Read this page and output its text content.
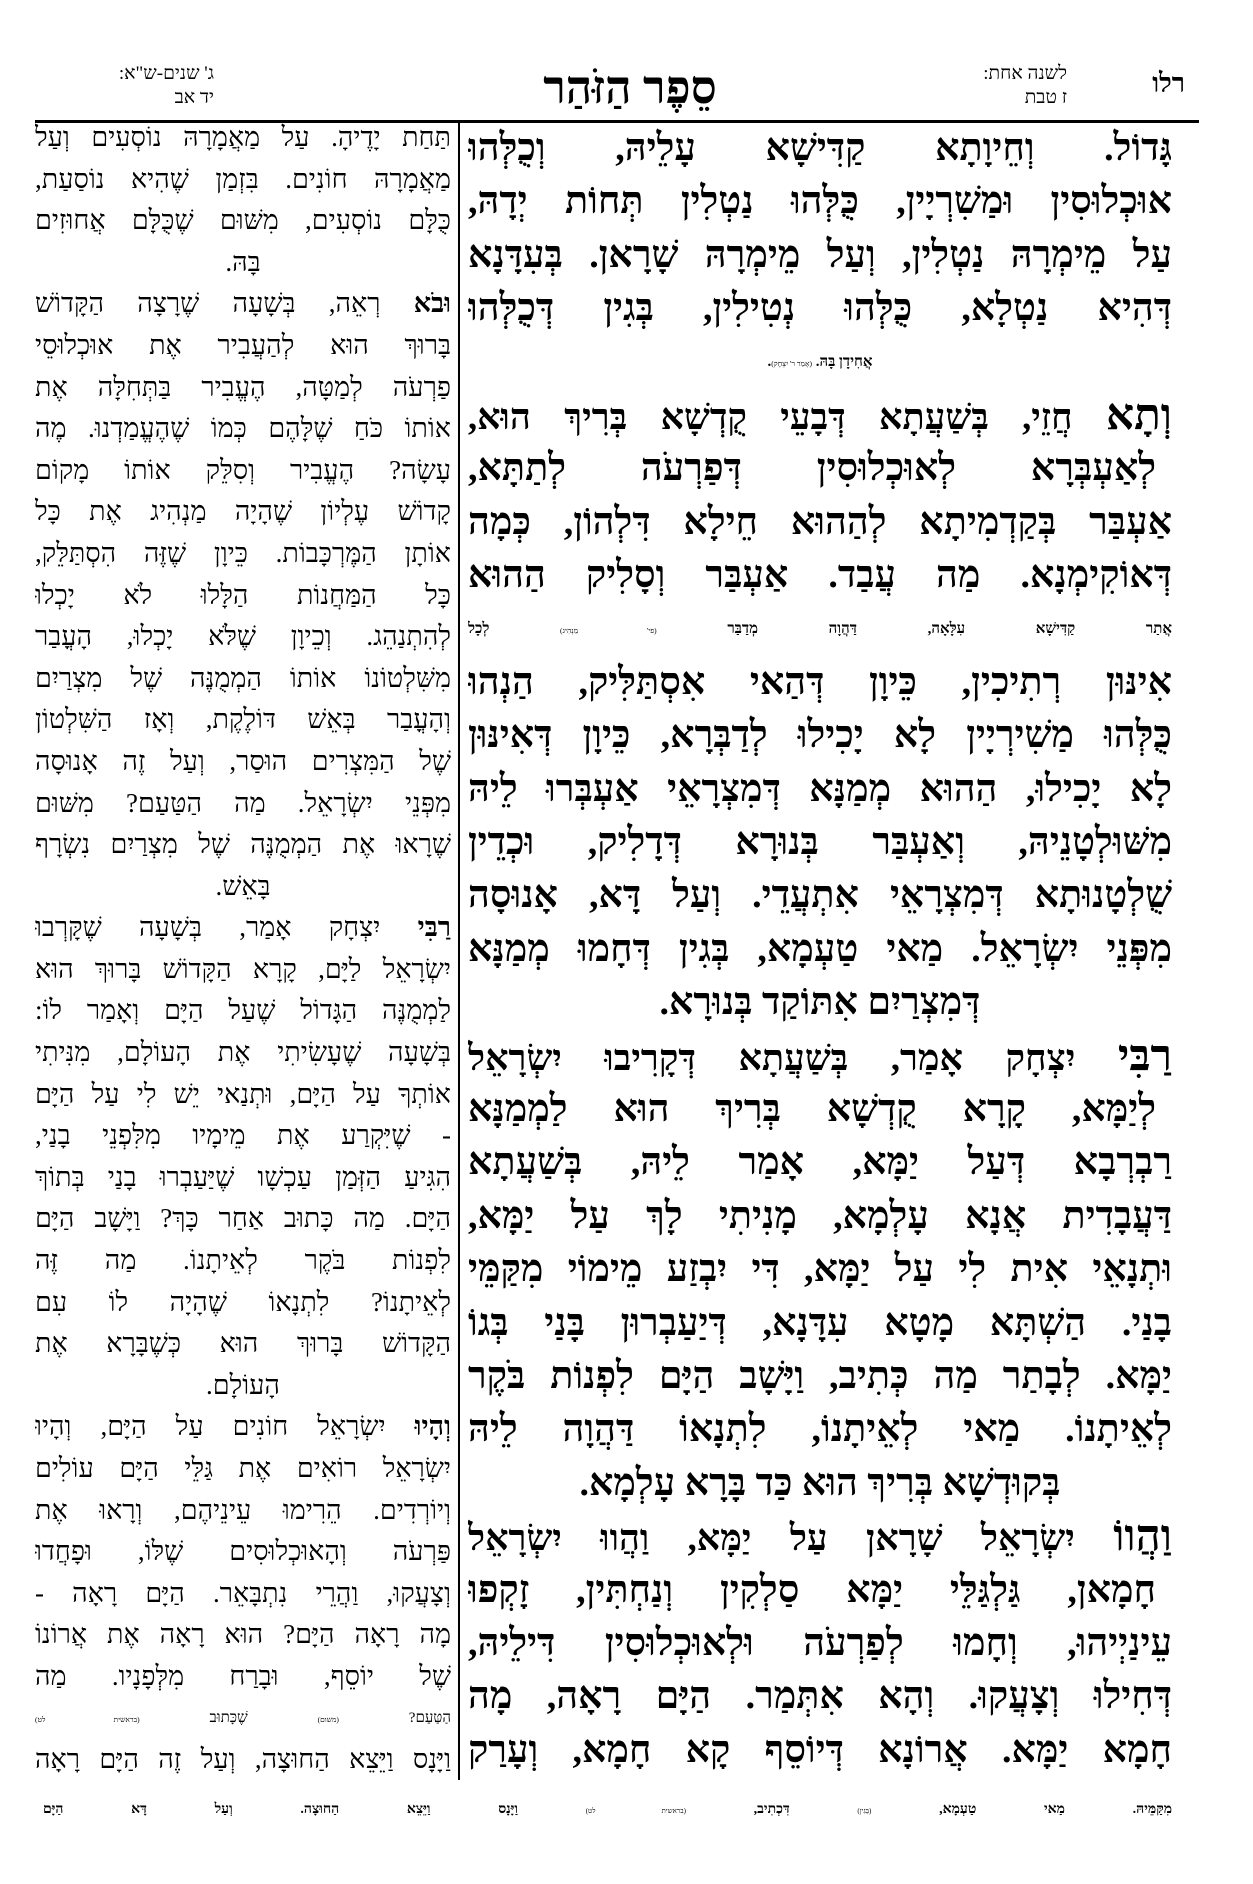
רלו
לשנה אחת:
ז טבת
סֵפֶר הַזֹּהַר
ג' שנים-ש"א:
יד אב
גָּדוֹל. וְחֵיוָתָא קַדִּישָׁא עָלֵיהּ, וְכֻלְּהוּ
אוּכְלוּסִין וּמַשִׁרְיָין, כֻּלְּהוּ נַטְלִין תְּחוֹת יְדָהּ,
עַל מֵימְרָהּ נַטְלִין, וְעַל מֵימְרָהּ שָׁרָאן. בְּעִדָּנָא
דְּהִיא נַטְלָא, כֻּלְּהוּ נְטִילִין, בְּגִין דְּכֻלְּהוּ
אֲחִידָן בָּהּ. (אָמַר ר' יִצְחָק).
וְתָא חֲזֵי, בְּשַׁעֲתָא דְּבָעֵי קֻדְשָׁא בְּרִיךְ הוּא,
לְאַעְבְּרָא לְאוּכְלוּסִין דְּפַרְעֹה לְתַתָּא,
אַעְבַּר בְּקַדְמִיתָא לְהַהוּא חֵילָא דִּלְהוֹן, כְּמָה
דְּאוֹקִימְנָא. מַה עֲבַד. אַעְבַּר וְסָלִיק הַהוּא
אֲתַר קַדִּישָׁא עִלָּאָה, דַּהֲוָה מְדַבַּר (פי' מַנְהִיג) לְכָל
אִינּוּן רְתִיכִין, כֵּיוָן דְּהַאי אִסְתַּלִּיק, הַנְהוּ
כֻּלְּהוּ מַשִׁירְיָין לָא יָכִילוּ לְדַבְּרָא, כֵּיוָן דְּאִינּוּן
לָא יָכִילוּ, הַהוּא מְמַנָּא דְּמִצְרָאֵי אַעְבְּרוּ לֵיהּ
מִשּׁוּלְטָנֵיהּ, וְאַעְבַּר בְּנוּרָא דְּדָלִיק, וּכְדֵין
שֻׁלְטָנוּתָא דְּמִצְרָאֵי אִתְעֲדֵי. וְעַל דָּא, אָנוּסָה
מִפְּנֵי יִשְׂרָאֵל. מַאי טַעְמָא, בְּגִין דְּחָמוּ מְמַנָּא
דְּמִצְרַיִם אִתּוֹקַד בְּנוּרָא.
רַבִּי יִצְחָק אָמַר, בְּשַׁעֲתָא דְּקָרִיבוּ יִשְׂרָאֵל
לְיַמָּא, קָרָא קֻדְשָׁא בְּרִיךְ הוּא לַמְמַנָּא
רַבְרְבָא דְּעַל יַמָּא, אָמַר לֵיהּ, בְּשַׁעֲתָא
דַּעֲבָדִית אֲנָא עָלְמָא, מָנִיתִי לָךְ עַל יַמָּא,
וּתְנָאֵי אִית לִי עַל יַמָּא, דִּי יִבְזַע מֵימוֹי מִקַּמֵּי
בָנַי. הַשְׁתָּא מָטָא עִדָּנָא, דְּיַעַבְרוּן בָּנַי בְּגוֹ
יַמָּא. לְבָתַר מַה כְּתִיב, וַיָּשָׁב הַיָּם לִפְנוֹת בֹּקֶר
לְאֵיתָנוֹ. מַאי לְאֵיתָנוֹ, לִתְנָאוֹ דַּהֲוָה לֵיהּ
בְּקוּדְשָׁא בְּרִיךְ הוּא כַּד בָּרָא עָלְמָא.
וַהֲווֹ יִשְׂרָאֵל שָׁרָאן עַל יַמָּא, וַהֲווּ יִשְׂרָאֵל
חָמָאן, גַּלְגַּלֵּי יַמָּא סַלְקִין וְנַחְתִּין, זָקְפוּ
עֵינַיְיהוּ, וְחָמוּ לְפַרְעֹה וּלְאוּכְלוּסִין דִּילֵיהּ,
דְּחִילוּ וְצָעֲקוּ. וְהָא אִתְּמַר. הַיָּם רָאָה, מָה
חָמָא יַמָּא. אֲרוֹנָא דְּיוֹסֵף קָא חָמָא, וְעָרַק
תַּחַת יָדֶיהָ. עַל מַאֲמָרָהּ נוֹסְעִים וְעַל
מַאֲמָרָהּ חוֹנִים. בִּזְמַן שֶׁהִיא נוֹסַעַת,
כֻּלָּם נוֹסְעִים, מִשּׁוּם שֶׁכֻּלָּם אֲחוּזִים
בָּהּ.
וּבֹא רְאֵה, בְּשָׁעָה שֶׁרָצָה הַקָּדוֹשׁ
בָּרוּךְ הוּא לְהַעֲבִיר אֶת אוּכְלוּסֵי
פַרְעֹה לְמַטָּה, הֶעֱבִיר בַּתְּחִלָּה אֶת
אוֹתוֹ כֹּחַ שֶׁלָּהֶם כְּמוֹ שֶׁהֶעֱמַדְנוּ. מֶה
עָשָׂה? הֶעֱבִיר וְסִלֵּק אוֹתוֹ מָקוֹם
קָדוֹשׁ עֶלְיוֹן שֶׁהָיָה מַנְהִיג אֶת כָּל
אוֹתָן הַמֶּרְכָּבוֹת. כֵּיוָן שֶׁזֶּה הִסְתַּלֵּק,
כָּל הַמַּחֲנוֹת הַלָּלוּ לֹא יָכְלוּ
לְהִתְנַהֵג. וְכֵיוָן שֶׁלֹּא יָכְלוּ, הָעֳבַר
מִשִּׁלְטוֹנוֹ אוֹתוֹ הַמְמֻנֶּה שֶׁל מִצְרַיִם
וְהָעֳבַר בְּאֵשׁ דּוֹלֶקֶת, וְאָז הַשִּׁלְטוֹן
שֶׁל הַמִּצְרִים הוּסַר, וְעַל זֶה אָנוּסָה
מִפְּנֵי יִשְׂרָאֵל. מַה הַטַּעַם? מִשּׁוּם
שֶׁרָאוּ אֶת הַמְמֻנֶּה שֶׁל מִצְרַיִם נִשְׂרָף
בָּאֵשׁ.
רַבִּי יִצְחָק אָמַר, בְּשָׁעָה שֶׁקָּרְבוּ
יִשְׂרָאֵל לַיָּם, קָרָא הַקָּדוֹשׁ בָּרוּךְ הוּא
לַמְמֻנֶּה הַגָּדוֹל שֶׁעַל הַיָּם וְאָמַר לוֹ:
בְּשָׁעָה שֶׁעָשִׂיתִי אֶת הָעוֹלָם, מִנִּיתִי
אוֹתְךָ עַל הַיָּם, וּתְנַאי יֵשׁ לִי עַל הַיָּם
- שֶׁיִּקְרַע אֶת מֵימָיו מִלִּפְנֵי בָנַי,
הִגִּיעַ הַזְּמַן עַכְשָׁו שֶׁיַּעַבְרוּ בָנַי בְּתוֹךְ
הַיָּם. מַה כָּתוּב אַחַר כָּךְ? וַיָּשָׁב הַיָּם
לִפְנוֹת בֹּקֶר לְאֵיתָנוֹ. מַה זֶּה
לְאֵיתָנוֹ? לִתְנָאוֹ שֶׁהָיָה לוֹ עִם
הַקָּדוֹשׁ בָּרוּךְ הוּא כְּשֶׁבָּרָא אֶת
הָעוֹלָם.
וְהָיוּ יִשְׂרָאֵל חוֹנִים עַל הַיָּם, וְהָיוּ
יִשְׂרָאֵל רוֹאִים אֶת גַּלֵּי הַיָּם עוֹלִים
וְיוֹרְדִים. הֵרִימוּ עֵינֵיהֶם, וְרָאוּ אֶת
פַּרְעֹה וְהָאוּכְלוּסִים שֶׁלּוֹ, וּפָחֲדוּ
וְצָעֲקוּ, וַהֲרֵי נִתְבָּאֵר. הַיָּם רָאָה -
מָה רָאָה הַיָּם? הוּא רָאָה אֶת אֲרוֹנוֹ
שֶׁל יוֹסֵף, וּבָרַח מִלְּפָנָיו. מַה
הַטַּעַם? (משום) שֶׁכָּתוּב (בראשית לט)
וַיָּנָס וַיֵּצֵא הַחוּצָה, וְעַל זֶה הַיָּם רָאָה
מִקַּמֵּיהּ. מַאי טַעְמָא, (בְּגִין) דִּכְתִיב, (בראשית לט) וַיָּנָס וַיֵּצֵא הַחוּצָה. וְעַל דָּא הַיָּם
